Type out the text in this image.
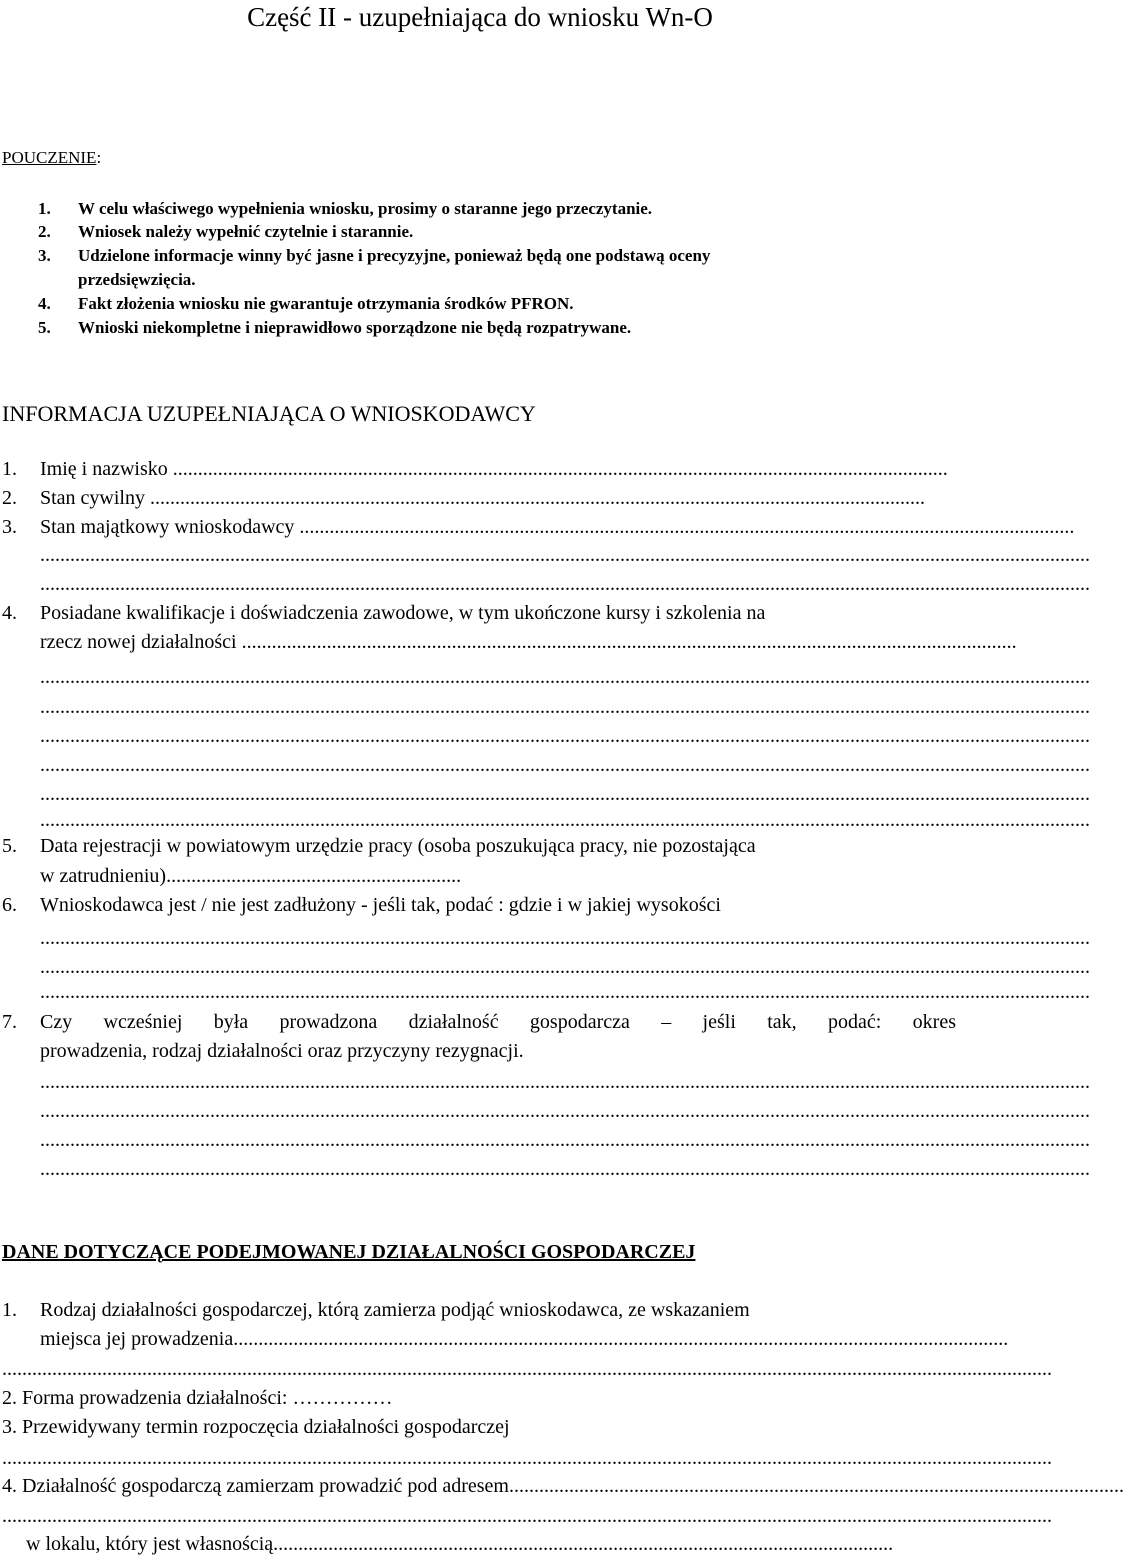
Część II - uzupełniająca do wniosku Wn-O
POUCZENIE:
1. W celu właściwego wypełnienia wniosku, prosimy o staranne jego przeczytanie.
2. Wniosek należy wypełnić czytelnie i starannie.
3. Udzielone informacje winny być jasne i precyzyjne, ponieważ będą one podstawą oceny
przedsięwzięcia.
4. Fakt złożenia wniosku nie gwarantuje otrzymania środków PFRON.
5. Wnioski niekompletne i nieprawidłowo sporządzone nie będą rozpatrywane.
INFORMACJA UZUPEŁNIAJĄCA O WNIOSKODAWCY
1. Imię i nazwisko ...........................................................................................................................................................
2. Stan cywilny ...........................................................................................................................................................
3. Stan majątkowy wnioskodawcy ...........................................................................................................................................................
..................................................................................................................................................................................................................
..................................................................................................................................................................................................................
4. Posiadane kwalifikacje i doświadczenia zawodowe, w tym ukończone kursy i szkolenia na
rzecz nowej działalności ...........................................................................................................................................................
..................................................................................................................................................................................................................
..................................................................................................................................................................................................................
..................................................................................................................................................................................................................
..................................................................................................................................................................................................................
..................................................................................................................................................................................................................
..................................................................................................................................................................................................................
5. Data rejestracji w powiatowym urzędzie pracy (osoba poszukująca pracy, nie pozostająca
w zatrudnieniu)...........................................................
6. Wnioskodawca jest / nie jest zadłużony - jeśli tak, podać : gdzie i w jakiej wysokości
..................................................................................................................................................................................................................
..................................................................................................................................................................................................................
..................................................................................................................................................................................................................
7. Czy wcześniej była prowadzona działalność gospodarcza – jeśli tak, podać: okres
prowadzenia, rodzaj działalności oraz przyczyny rezygnacji.
..................................................................................................................................................................................................................
..................................................................................................................................................................................................................
..................................................................................................................................................................................................................
..................................................................................................................................................................................................................
DANE DOTYCZĄCE PODEJMOWANEJ DZIAŁALNOŚCI GOSPODARCZEJ
1. Rodzaj działalności gospodarczej, którą zamierza podjąć wnioskodawca, ze wskazaniem
miejsca jej prowadzenia...........................................................................................................................................................
..................................................................................................................................................................................................................
2. Forma prowadzenia działalności: ……………
3. Przewidywany termin rozpoczęcia działalności gospodarczej
..................................................................................................................................................................................................................
4. Działalność gospodarczą zamierzam prowadzić pod adresem...........................................................................................................................
..................................................................................................................................................................................................................
w lokalu, który jest własnością............................................................................................................................
